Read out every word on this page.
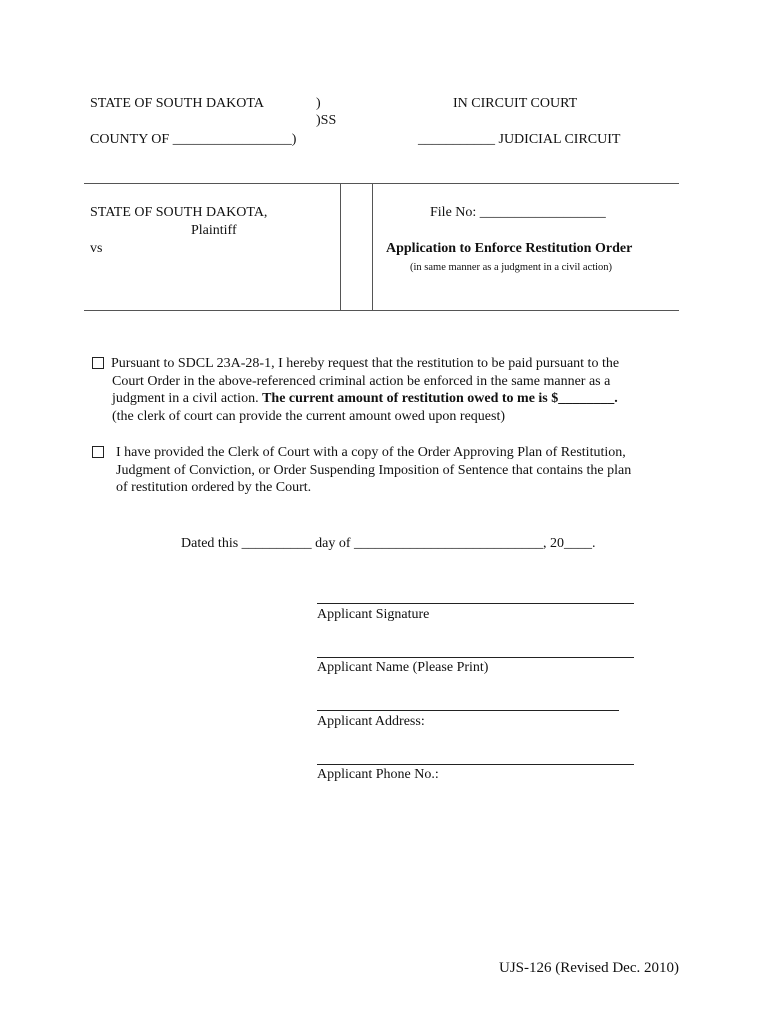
STATE OF SOUTH DAKOTA	)
)SS
COUNTY OF _________________)
IN CIRCUIT COURT
___________ JUDICIAL CIRCUIT
STATE OF SOUTH DAKOTA,
Plaintiff
vs
File No: __________________
Application to Enforce Restitution Order
(in same manner as a judgment in a civil action)

Pursuant to SDCL 23A-28-1, I hereby request that the restitution to be paid pursuant to the

Court Order in the above-referenced criminal action be enforced in the same manner as a

judgment in a civil action. The current amount of restitution owed to me is $________.

(the clerk of court can provide the current amount owed upon request)

I have provided the Clerk of Court with a copy of the Order Approving Plan of Restitution,

Judgment of Conviction, or Order Suspending Imposition of Sentence that contains the plan

of restitution ordered by the Court.

Dated this __________ day of ___________________________, 20____.
Applicant Signature
Applicant Name (Please Print)
Applicant Address:
Applicant Phone No.:
UJS-126 (Revised Dec. 2010)
